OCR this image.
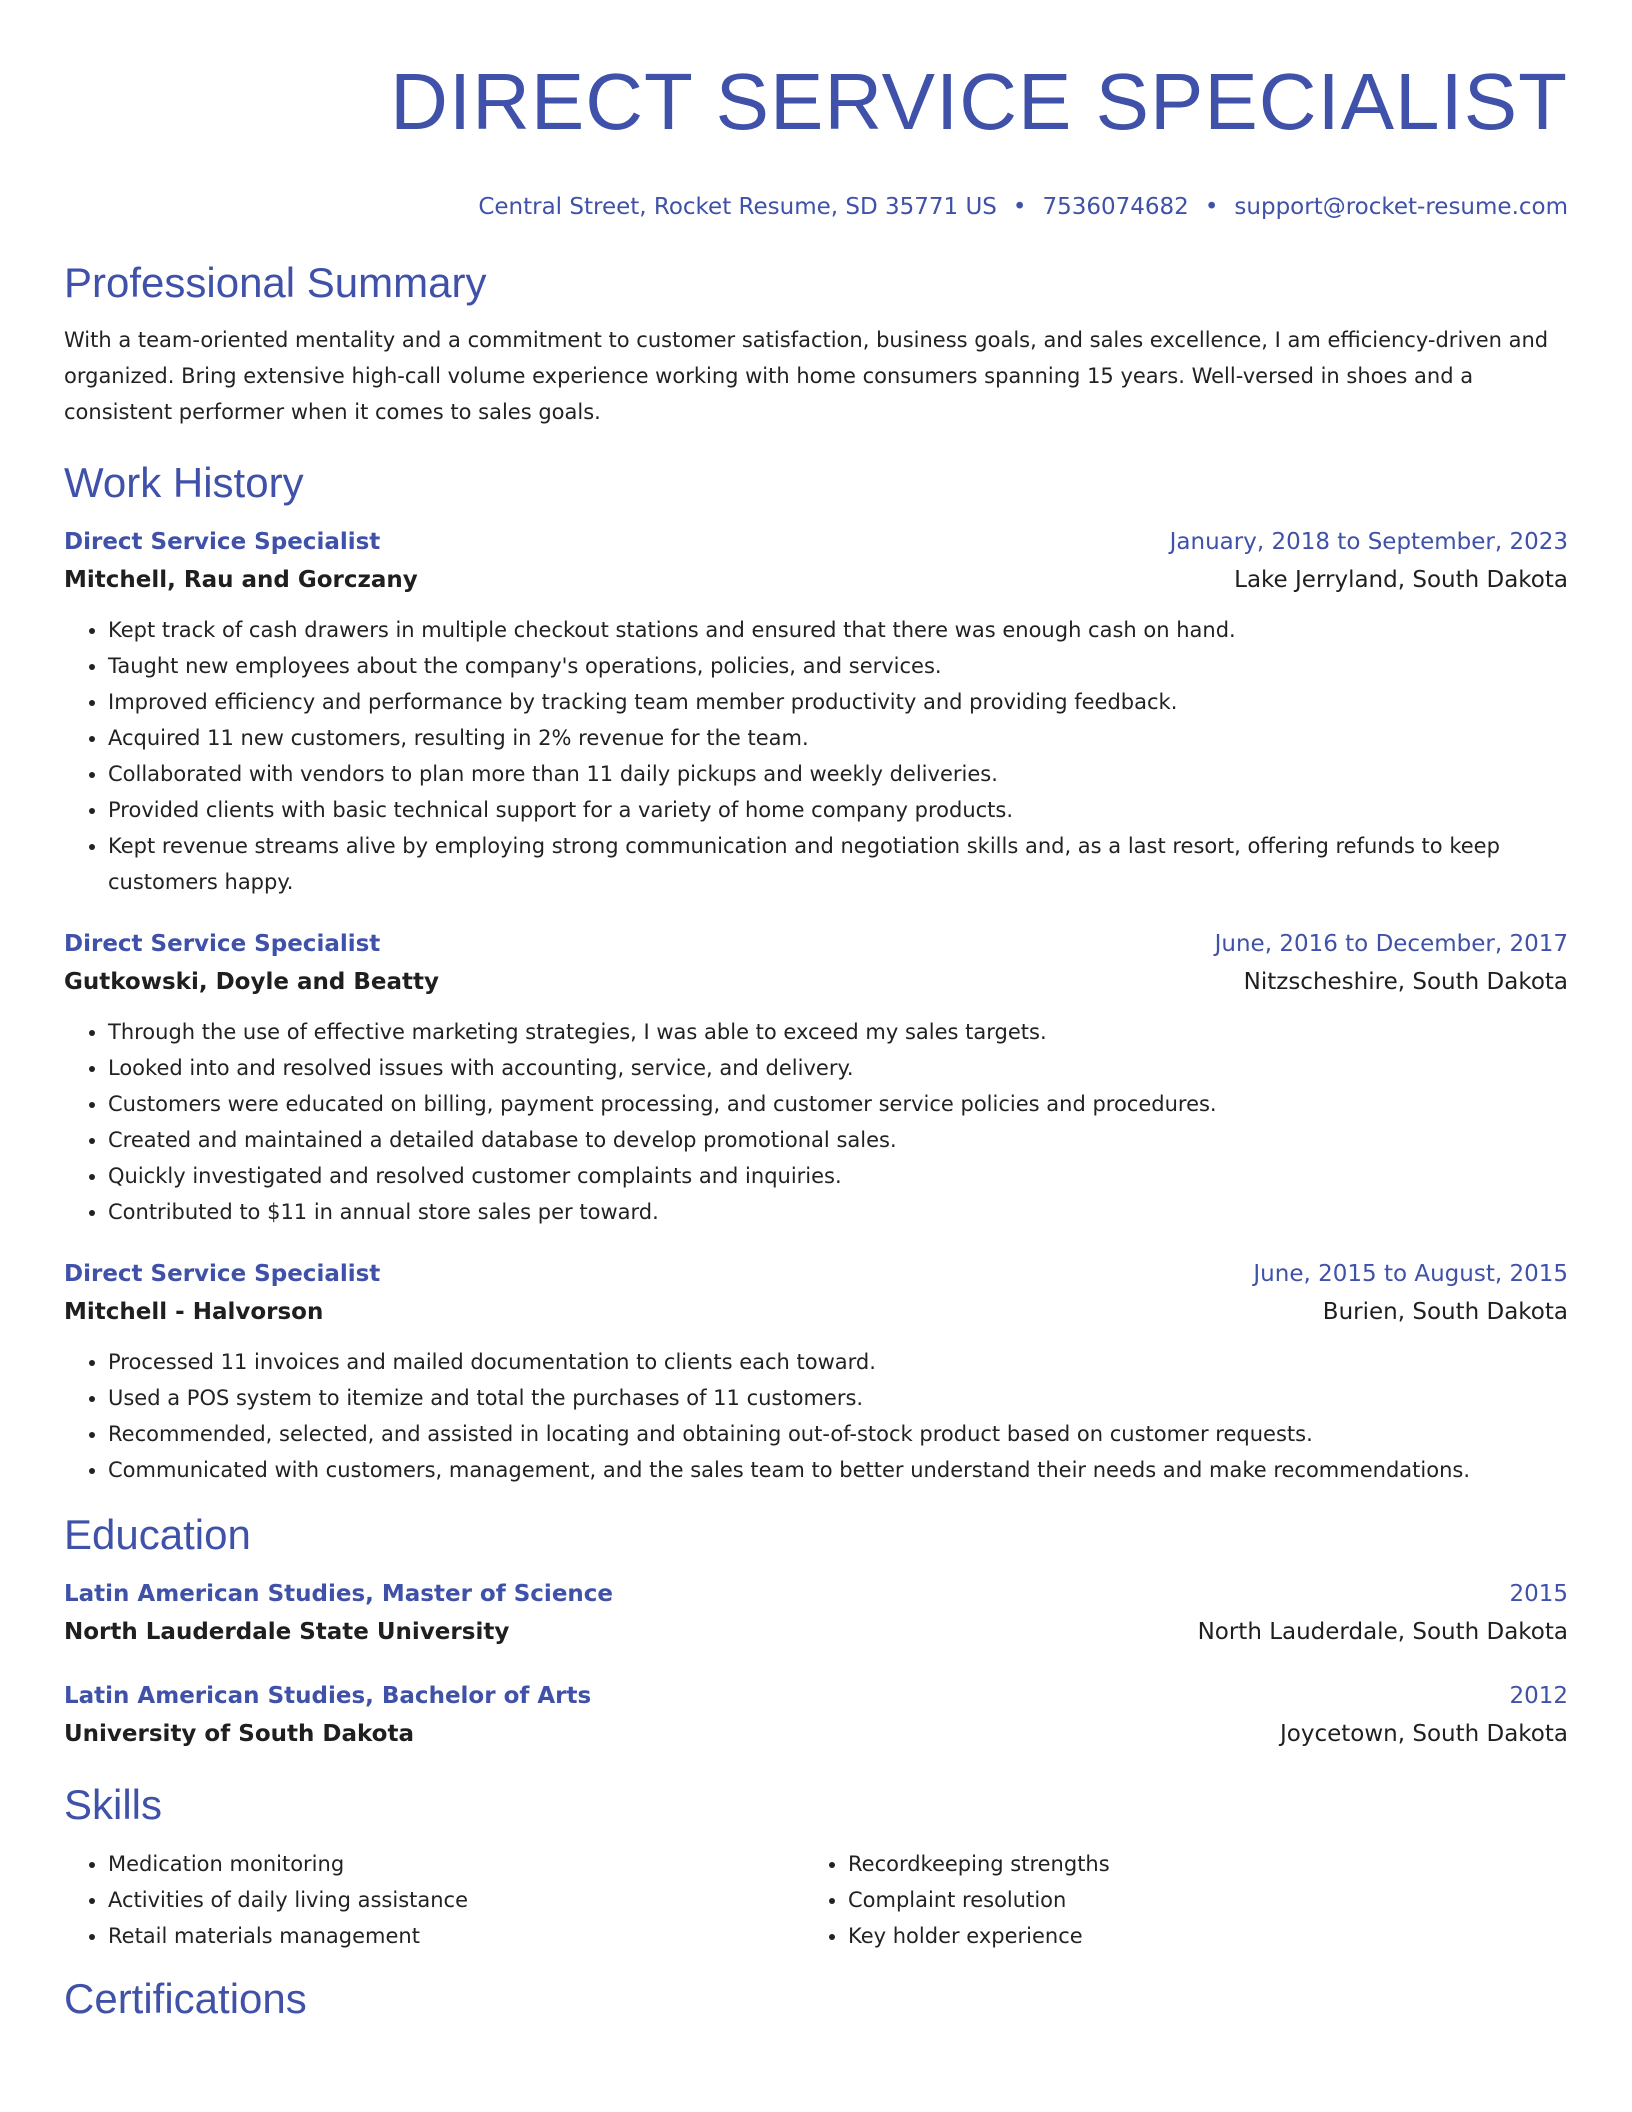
DIRECT SERVICE SPECIALIST
Central Street, Rocket Resume, SD 35771 US • 7536074682 • support@rocket-resume.com
Professional Summary
With a team-oriented mentality and a commitment to customer satisfaction, business goals, and sales excellence, I am efficiency-driven and organized. Bring extensive high-call volume experience working with home consumers spanning 15 years. Well-versed in shoes and a consistent performer when it comes to sales goals.
Work History
Direct Service Specialist	January, 2018 to September, 2023
Mitchell, Rau and Gorczany	Lake Jerryland, South Dakota
• Kept track of cash drawers in multiple checkout stations and ensured that there was enough cash on hand.
• Taught new employees about the company's operations, policies, and services.
• Improved efficiency and performance by tracking team member productivity and providing feedback.
• Acquired 11 new customers, resulting in 2% revenue for the team.
• Collaborated with vendors to plan more than 11 daily pickups and weekly deliveries.
• Provided clients with basic technical support for a variety of home company products.
• Kept revenue streams alive by employing strong communication and negotiation skills and, as a last resort, offering refunds to keep customers happy.
Direct Service Specialist	June, 2016 to December, 2017
Gutkowski, Doyle and Beatty	Nitzscheshire, South Dakota
• Through the use of effective marketing strategies, I was able to exceed my sales targets.
• Looked into and resolved issues with accounting, service, and delivery.
• Customers were educated on billing, payment processing, and customer service policies and procedures.
• Created and maintained a detailed database to develop promotional sales.
• Quickly investigated and resolved customer complaints and inquiries.
• Contributed to $11 in annual store sales per toward.
Direct Service Specialist	June, 2015 to August, 2015
Mitchell - Halvorson	Burien, South Dakota
• Processed 11 invoices and mailed documentation to clients each toward.
• Used a POS system to itemize and total the purchases of 11 customers.
• Recommended, selected, and assisted in locating and obtaining out-of-stock product based on customer requests.
• Communicated with customers, management, and the sales team to better understand their needs and make recommendations.
Education
Latin American Studies, Master of Science	2015
North Lauderdale State University	North Lauderdale, South Dakota
Latin American Studies, Bachelor of Arts	2012
University of South Dakota	Joycetown, South Dakota
Skills
• Medication monitoring
• Activities of daily living assistance
• Retail materials management
• Recordkeeping strengths
• Complaint resolution
• Key holder experience
Certifications
